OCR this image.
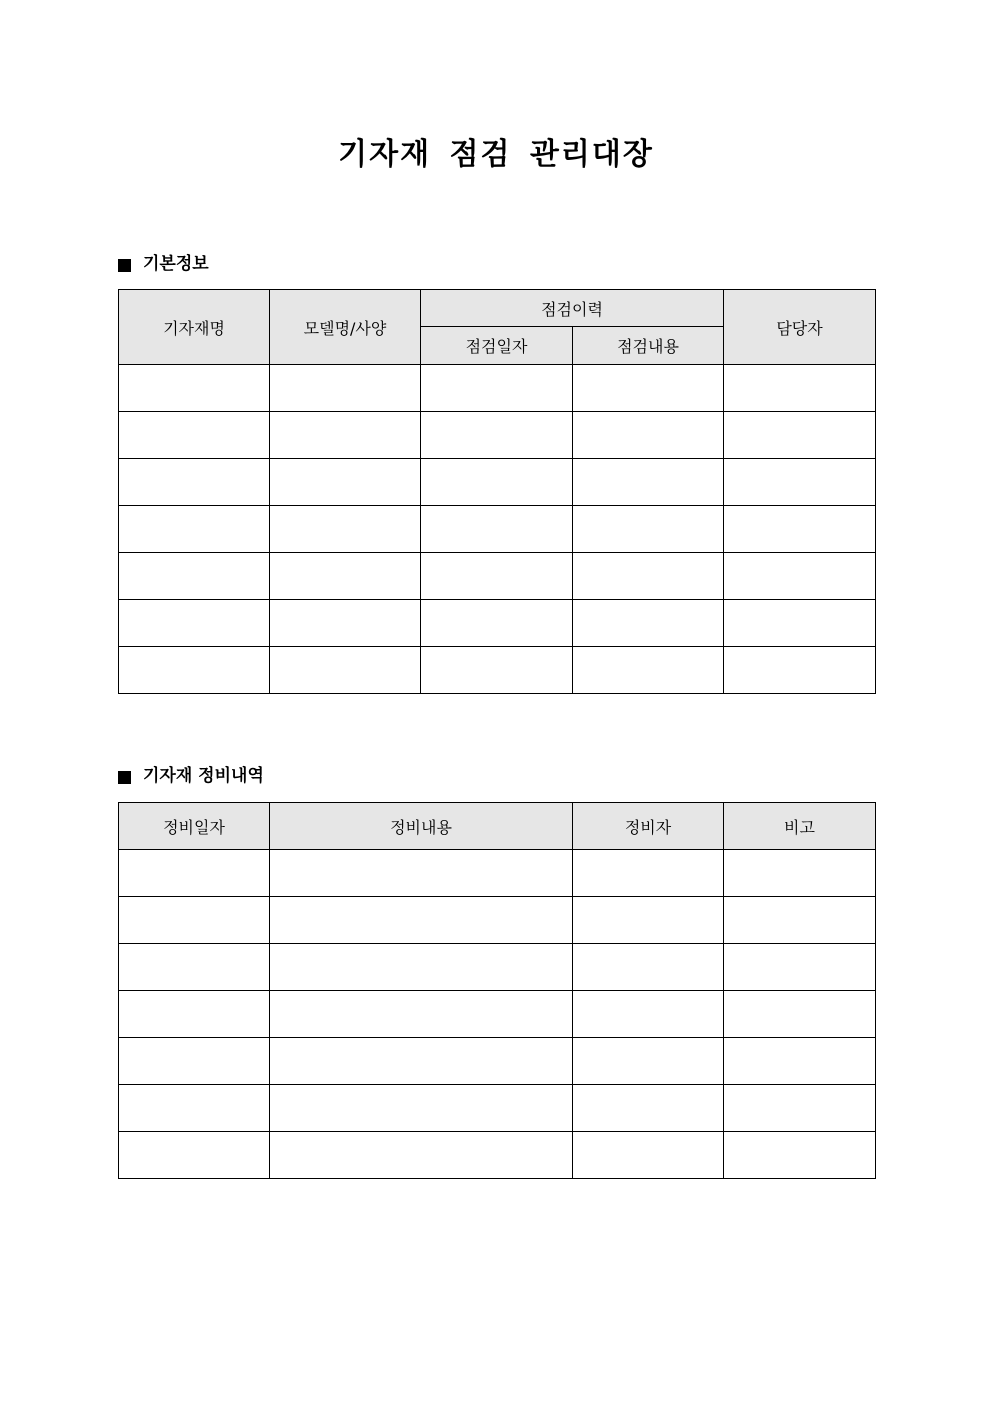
기자재 점검 관리대장
기본정보
기자재명	모델명/사양	점검이력		담당자
		점검일자	점검내용	

기자재 정비내역
정비일자	정비내용	정비자	비고
